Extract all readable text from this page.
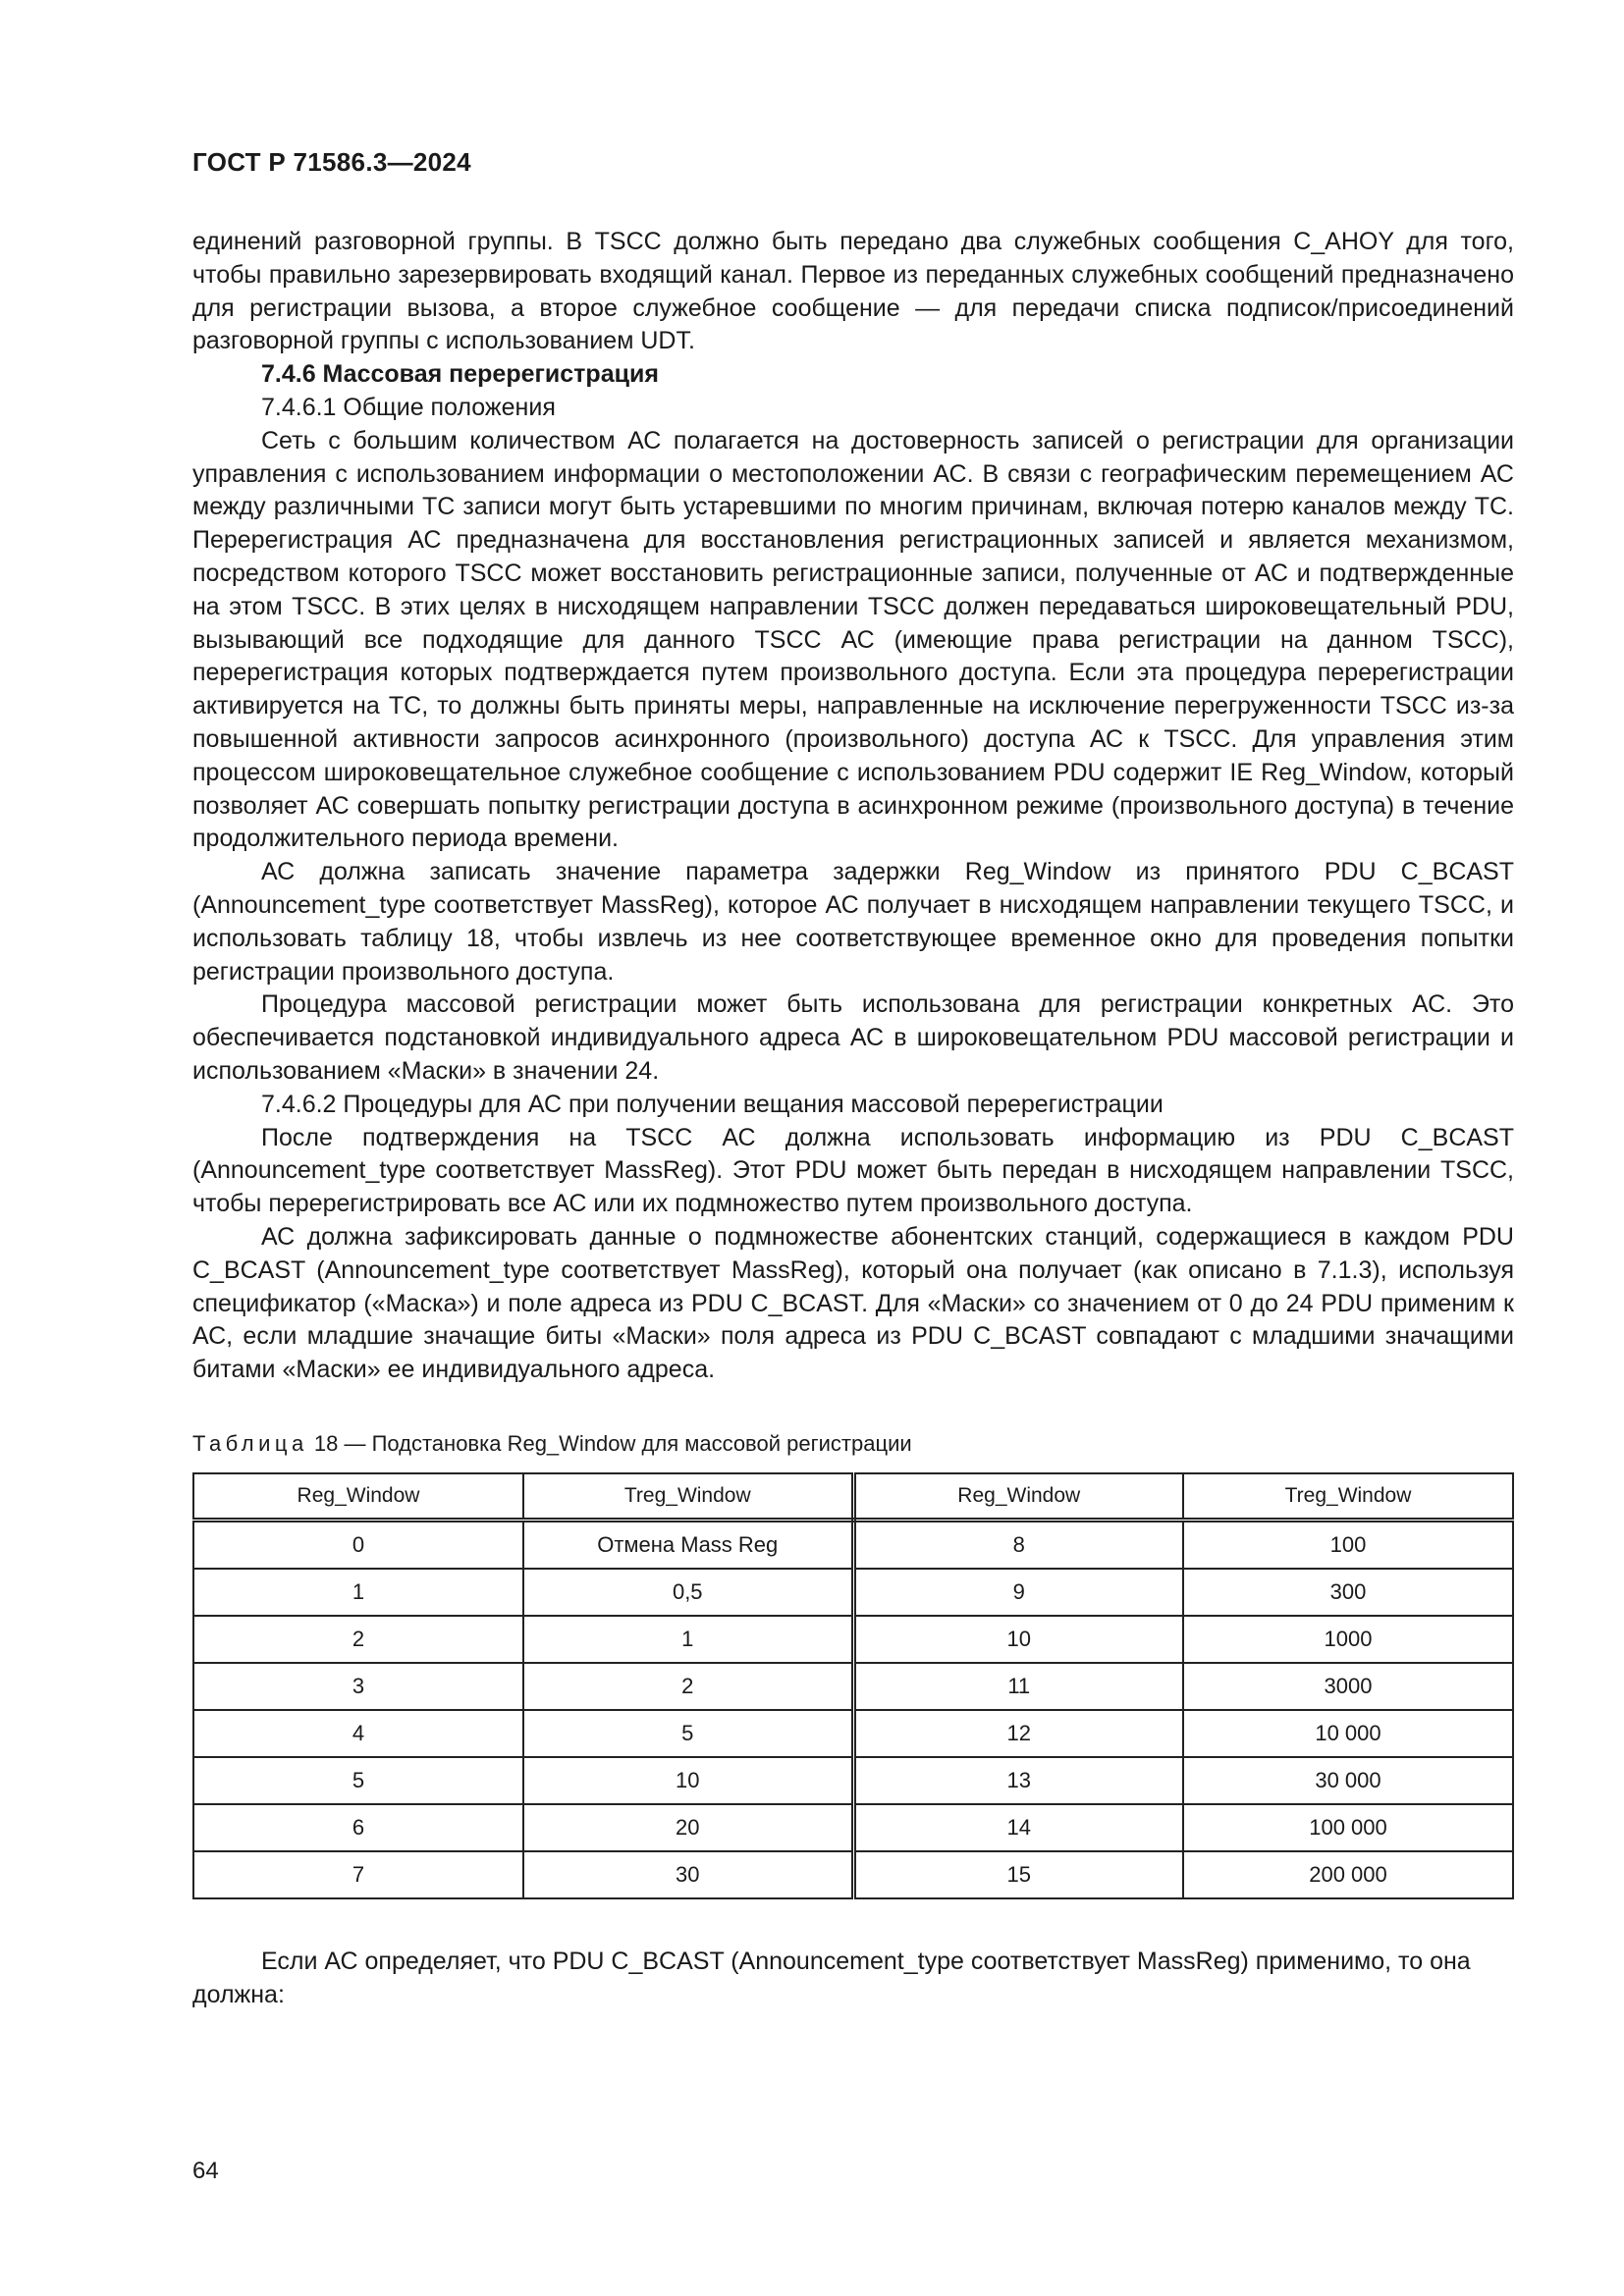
ГОСТ Р 71586.3—2024

единений разговорной группы. В TSCC должно быть передано два служебных сообщения C_AHOY для того, чтобы правильно зарезервировать входящий канал. Первое из переданных служебных сообщений предназначено для регистрации вызова, а второе служебное сообщение — для передачи списка подписок/присоединений разговорной группы с использованием UDT.

7.4.6 Массовая перерегистрация

7.4.6.1 Общие положения

Сеть с большим количеством АС полагается на достоверность записей о регистрации для организации управления с использованием информации о местоположении АС. В связи с географическим перемещением АС между различными ТС записи могут быть устаревшими по многим причинам, включая потерю каналов между ТС. Перерегистрация АС предназначена для восстановления регистрационных записей и является механизмом, посредством которого TSCC может восстановить регистрационные записи, полученные от АС и подтвержденные на этом TSCC. В этих целях в нисходящем направлении TSCC должен передаваться широковещательный PDU, вызывающий все подходящие для данного TSCC АС (имеющие права регистрации на данном TSCC), перерегистрация которых подтверждается путем произвольного доступа. Если эта процедура перерегистрации активируется на ТС, то должны быть приняты меры, направленные на исключение перегруженности TSCC из-за повышенной активности запросов асинхронного (произвольного) доступа АС к TSCC. Для управления этим процессом широковещательное служебное сообщение с использованием PDU содержит IE Reg_Window, который позволяет АС совершать попытку регистрации доступа в асинхронном режиме (произвольного доступа) в течение продолжительного периода времени.

АС должна записать значение параметра задержки Reg_Window из принятого PDU C_BCAST (Announcement_type соответствует MassReg), которое АС получает в нисходящем направлении текущего TSCC, и использовать таблицу 18, чтобы извлечь из нее соответствующее временное окно для проведения попытки регистрации произвольного доступа.

Процедура массовой регистрации может быть использована для регистрации конкретных АС. Это обеспечивается подстановкой индивидуального адреса АС в широковещательном PDU массовой регистрации и использованием «Маски» в значении 24.

7.4.6.2 Процедуры для АС при получении вещания массовой перерегистрации

После подтверждения на TSCC АС должна использовать информацию из PDU C_BCAST (Announcement_type соответствует MassReg). Этот PDU может быть передан в нисходящем направлении TSCC, чтобы перерегистрировать все АС или их подмножество путем произвольного доступа.

АС должна зафиксировать данные о подмножестве абонентских станций, содержащиеся в каждом PDU C_BCAST (Announcement_type соответствует MassReg), который она получает (как описано в 7.1.3), используя спецификатор («Маска») и поле адреса из PDU C_BCAST. Для «Маски» со значением от 0 до 24 PDU применим к АС, если младшие значащие биты «Маски» поля адреса из PDU C_BCAST совпадают с младшими значащими битами «Маски» ее индивидуального адреса.

Таблица 18 — Подстановка Reg_Window для массовой регистрации
Reg_Window	Treg_Window	Reg_Window	Treg_Window
0	Отмена Mass Reg	8	100
1	0,5	9	300
2	1	10	1000
3	2	11	3000
4	5	12	10 000
5	10	13	30 000
6	20	14	100 000
7	30	15	200 000

Если АС определяет, что PDU C_BCAST (Announcement_type соответствует MassReg) применимо, то она должна:

64
